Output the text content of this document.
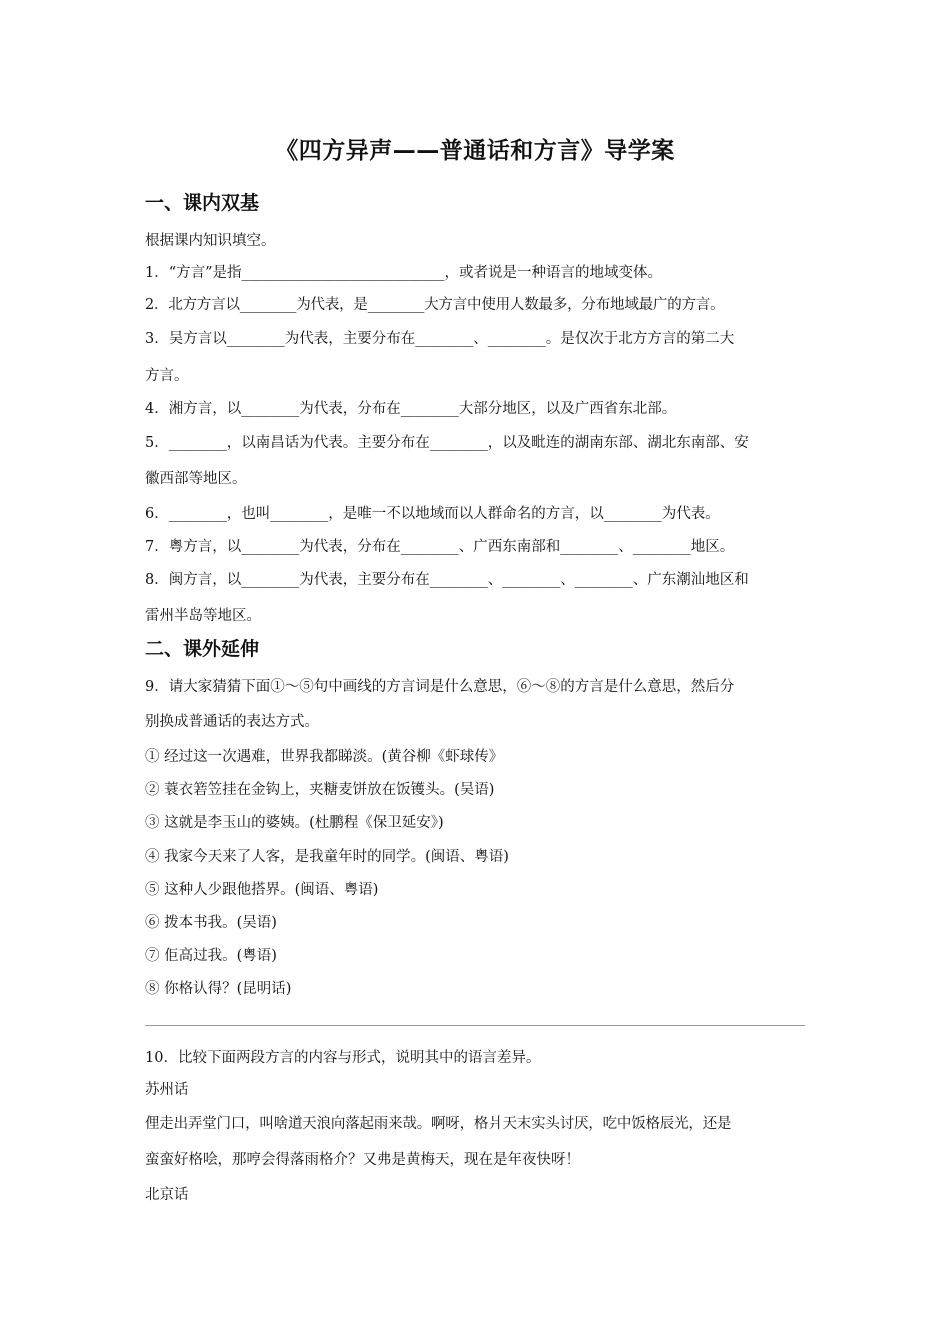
《四方异声——普通话和方言》导学案
一、课内双基
根据课内知识填空。
1．“方言”是指____________________________，或者说是一种语言的地域变体。
2．北方方言以________为代表，是________大方言中使用人数最多，分布地域最广的方言。
3．吴方言以________为代表，主要分布在________、________。是仅次于北方方言的第二大
方言。
4．湘方言，以________为代表，分布在________大部分地区，以及广西省东北部。
5．________，以南昌话为代表。主要分布在________，以及毗连的湖南东部、湖北东南部、安
徽西部等地区。
6．________，也叫________，是唯一不以地域而以人群命名的方言，以________为代表。
7．粤方言，以________为代表，分布在________、广西东南部和________、________地区。
8．闽方言，以________为代表，主要分布在________、________、________、广东潮汕地区和
雷州半岛等地区。
二、课外延伸
9．请大家猜猜下面①～⑤句中画线的方言词是什么意思，⑥～⑧的方言是什么意思，然后分
别换成普通话的表达方式。
① 经过这一次遇难，世界我都睇淡。(黄谷柳《虾球传》
② 蓑衣箬笠挂在金钩上，夹糖麦饼放在饭镬头。(吴语)
③ 这就是李玉山的婆姨。(杜鹏程《保卫延安》)
④ 我家今天来了人客，是我童年时的同学。(闽语、粤语)
⑤ 这种人少跟他搭界。(闽语、粤语)
⑥ 拨本书我。(吴语)
⑦ 佢高过我。(粤语)
⑧ 你格认得？(昆明话)
10．比较下面两段方言的内容与形式，说明其中的语言差异。
苏州话
俚走出弄堂门口，叫啥道天浪向落起雨来哉。啊呀，格爿天末实头讨厌，吃中饭格辰光，还是
蛮蛮好格哙，那哼会得落雨格介？又弗是黄梅天，现在是年夜快呀！
北京话
